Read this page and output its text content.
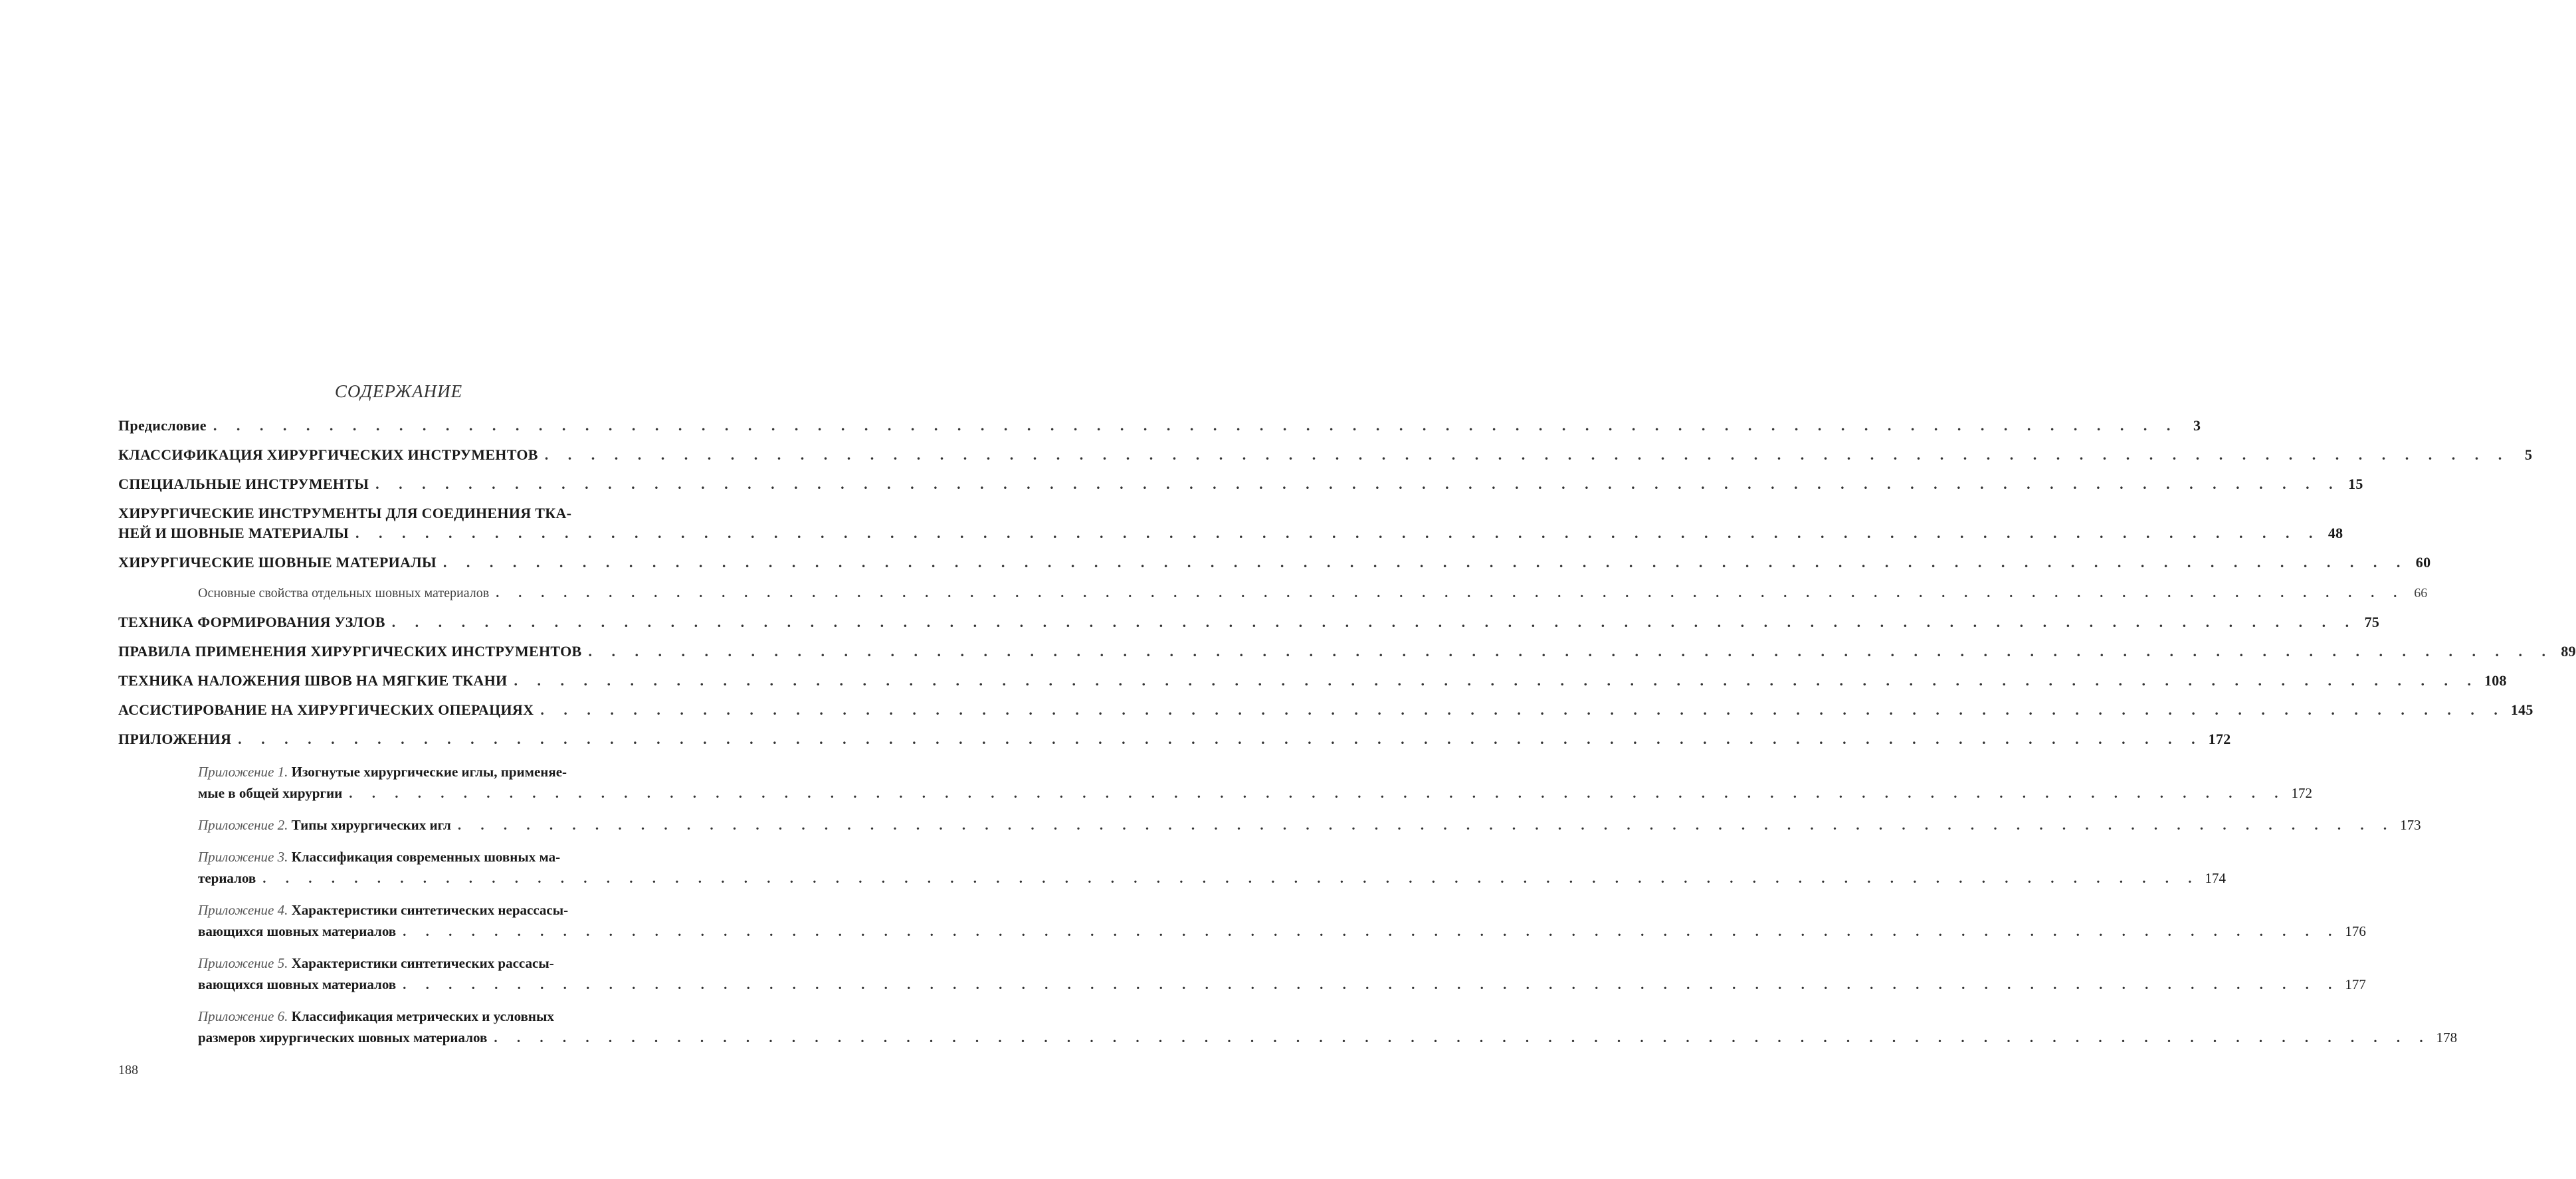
СОДЕРЖАНИЕ
Предисловие . . .	3
КЛАССИФИКАЦИЯ ХИРУРГИЧЕСКИХ ИНСТРУМЕНТОВ . . .	5
СПЕЦИАЛЬНЫЕ ИНСТРУМЕНТЫ . . .	15
ХИРУРГИЧЕСКИЕ ИНСТРУМЕНТЫ ДЛЯ СОЕДИНЕНИЯ ТКА-
НЕЙ И ШОВНЫЕ МАТЕРИАЛЫ . . .	48
ХИРУРГИЧЕСКИЕ ШОВНЫЕ МАТЕРИАЛЫ . . .	60
Основные свойства отдельных шовных материалов . . .	66
ТЕХНИКА ФОРМИРОВАНИЯ УЗЛОВ . . .	75
ПРАВИЛА ПРИМЕНЕНИЯ ХИРУРГИЧЕСКИХ ИНСТРУМЕНТОВ . . .	89
ТЕХНИКА НАЛОЖЕНИЯ ШВОВ НА МЯГКИЕ ТКАНИ . . .	108
АССИСТИРОВАНИЕ НА ХИРУРГИЧЕСКИХ ОПЕРАЦИЯХ . . .	145
ПРИЛОЖЕНИЯ . . .	172
Приложение 1. Изогнутые хирургические иглы, применяе-
мые в общей хирургии . . .	172
Приложение 2. Типы хирургических игл . . .	173
Приложение 3. Классификация современных шовных ма-
териалов . . .	174
Приложение 4. Характеристики синтетических нерассасы-
вающихся шовных материалов . . .	176
Приложение 5. Характеристики синтетических рассасы-
вающихся шовных материалов . . .	177
Приложение 6. Классификация метрических и условных
размеров хирургических шовных материалов . . .	178
188
